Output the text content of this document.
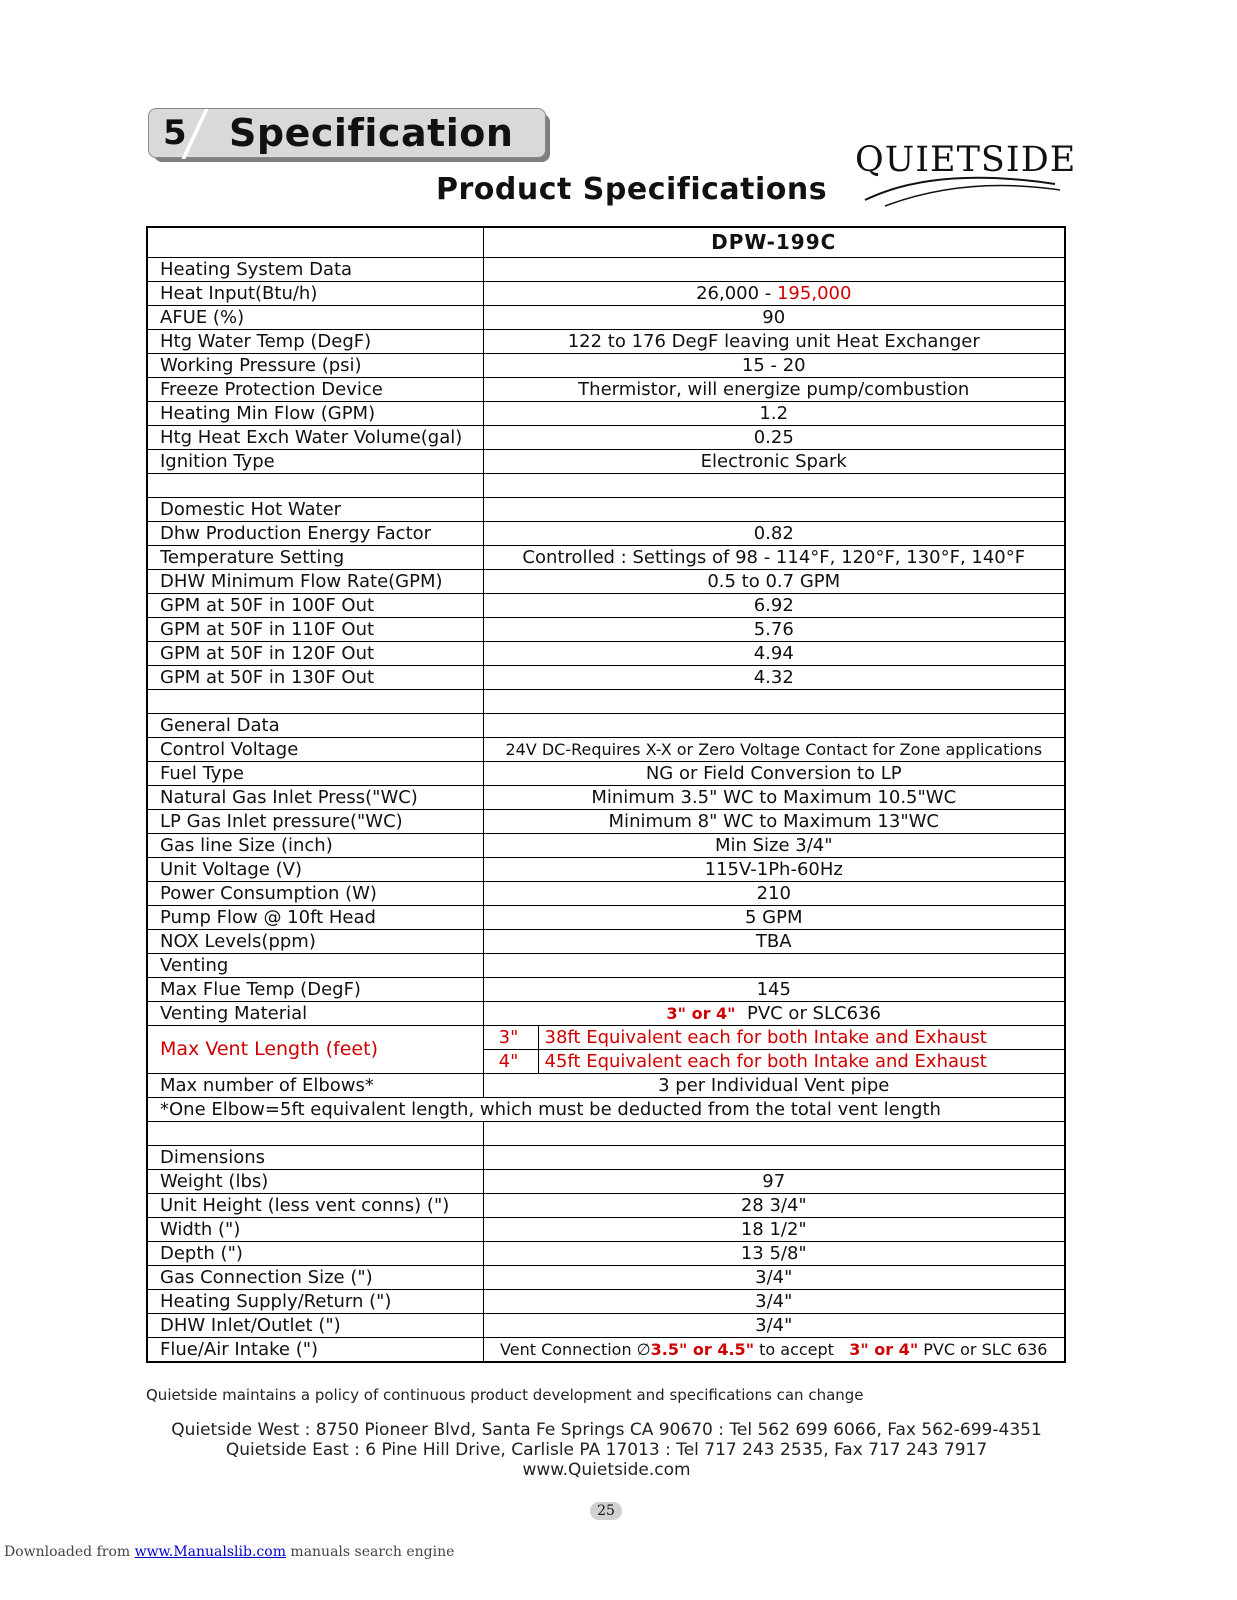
5 Specification
QUIETSIDE
Product Specifications
	DPW-199C
Heating System Data	
Heat Input(Btu/h)	26,000 - 195,000
AFUE (%)	90
Htg Water Temp (DegF)	122 to 176 DegF leaving unit Heat Exchanger
Working Pressure (psi)	15 - 20
Freeze Protection Device	Thermistor, will energize pump/combustion
Heating Min Flow (GPM)	1.2
Htg Heat Exch Water Volume(gal)	0.25
Ignition Type	Electronic Spark

Domestic Hot Water	
Dhw Production Energy Factor	0.82
Temperature Setting	Controlled : Settings of 98 - 114°F, 120°F, 130°F, 140°F
DHW Minimum Flow Rate(GPM)	0.5 to 0.7 GPM
GPM at 50F in 100F Out	6.92
GPM at 50F in 110F Out	5.76
GPM at 50F in 120F Out	4.94
GPM at 50F in 130F Out	4.32

General Data	
Control Voltage	24V DC-Requires X-X or Zero Voltage Contact for Zone applications
Fuel Type	NG or Field Conversion to LP
Natural Gas Inlet Press("WC)	Minimum 3.5" WC to Maximum 10.5"WC
LP Gas Inlet pressure("WC)	Minimum 8" WC to Maximum 13"WC
Gas line Size (inch)	Min Size 3/4"
Unit Voltage (V)	115V-1Ph-60Hz
Power Consumption (W)	210
Pump Flow @ 10ft Head	5 GPM
NOX Levels(ppm)	TBA
Venting	
Max Flue Temp (DegF)	145
Venting Material	3" or 4" PVC or SLC636
Max Vent Length (feet)	3" 38ft Equivalent each for both Intake and Exhaust

	4" 45ft Equivalent each for both Intake and Exhaust

Max number of Elbows*	3 per Individual Vent pipe
*One Elbow=5ft equivalent length, which must be deducted from the total vent length	

Dimensions	
Weight (lbs)	97
Unit Height (less vent conns) (")	28 3/4"
Width (")	18 1/2"
Depth (")	13 5/8"
Gas Connection Size (")	3/4"
Heating Supply/Return (")	3/4"
DHW Inlet/Outlet (")	3/4"
Flue/Air Intake (")	Vent Connection ∅3.5" or 4.5" to accept 3" or 4" PVC or SLC 636
Quietside maintains a policy of continuous product development and specifications can change
Quietside West : 8750 Pioneer Blvd, Santa Fe Springs CA 90670 : Tel 562 699 6066, Fax 562-699-4351
Quietside East : 6 Pine Hill Drive, Carlisle PA 17013 : Tel 717 243 2535, Fax 717 243 7917
www.Quietside.com
25
Downloaded from www.Manualslib.com manuals search engine
